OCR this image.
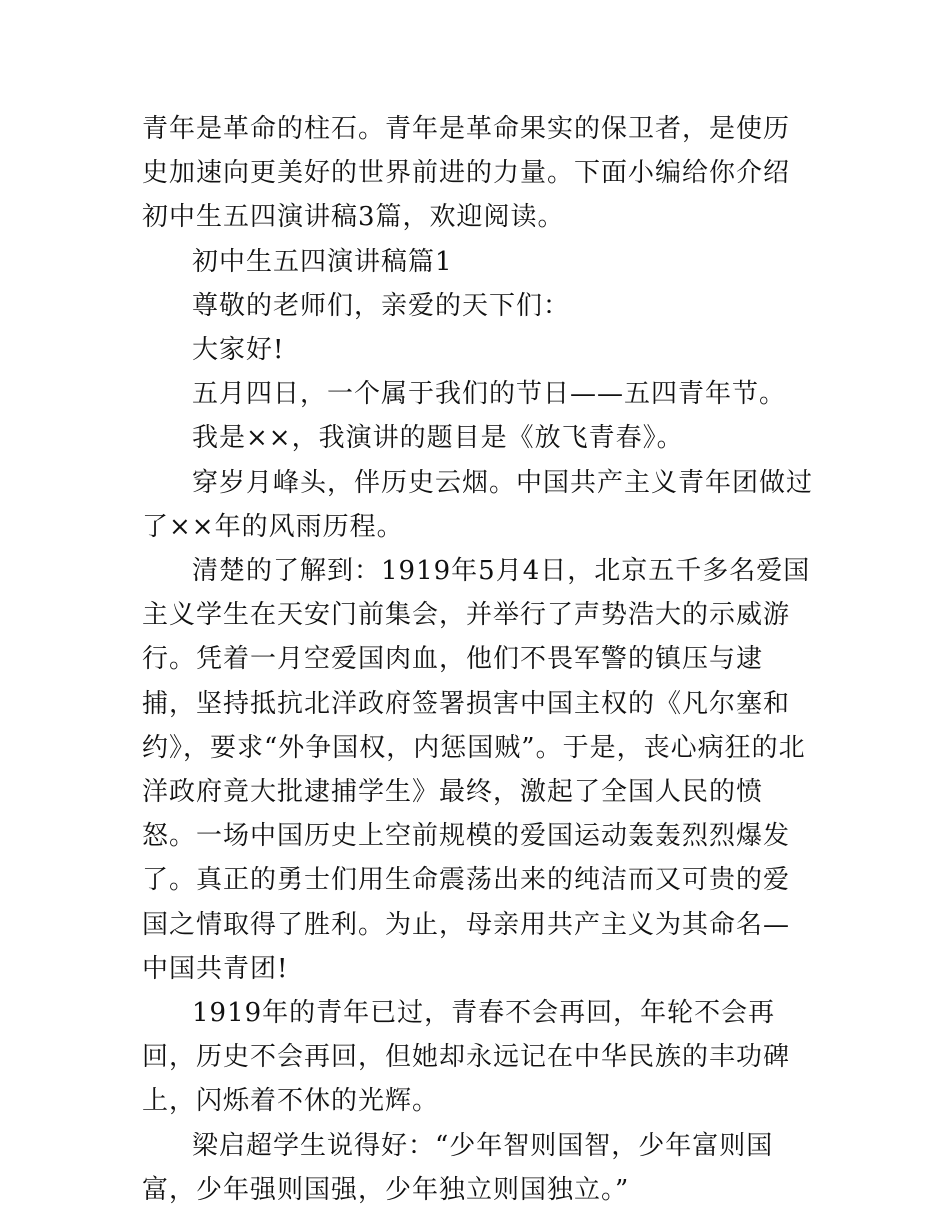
青年是革命的柱石。青年是革命果实的保卫者，是使历史加速向更美好的世界前进的力量。下面小编给你介绍初中生五四演讲稿3篇，欢迎阅读。

初中生五四演讲稿篇1

尊敬的老师们，亲爱的天下们：

大家好!

五月四日，一个属于我们的节日——五四青年节。

我是××，我演讲的题目是《放飞青春》。

穿岁月峰头，伴历史云烟。中国共产主义青年团做过了××年的风雨历程。

清楚的了解到：1919年5月4日，北京五千多名爱国主义学生在天安门前集会，并举行了声势浩大的示威游行。凭着一月空爱国肉血，他们不畏军警的镇压与逮捕，坚持抵抗北洋政府签署损害中国主权的《凡尔塞和约》，要求“外争国权，内惩国贼”。于是，丧心病狂的北洋政府竟大批逮捕学生》最终，激起了全国人民的愤怒。一场中国历史上空前规模的爱国运动轰轰烈烈爆发了。真正的勇士们用生命震荡出来的纯洁而又可贵的爱国之情取得了胜利。为止，母亲用共产主义为其命名—中国共青团!

1919年的青年已过，青春不会再回，年轮不会再回，历史不会再回，但她却永远记在中华民族的丰功碑上，闪烁着不休的光辉。

梁启超学生说得好：“少年智则国智，少年富则国富，少年强则国强，少年独立则国独立。”
